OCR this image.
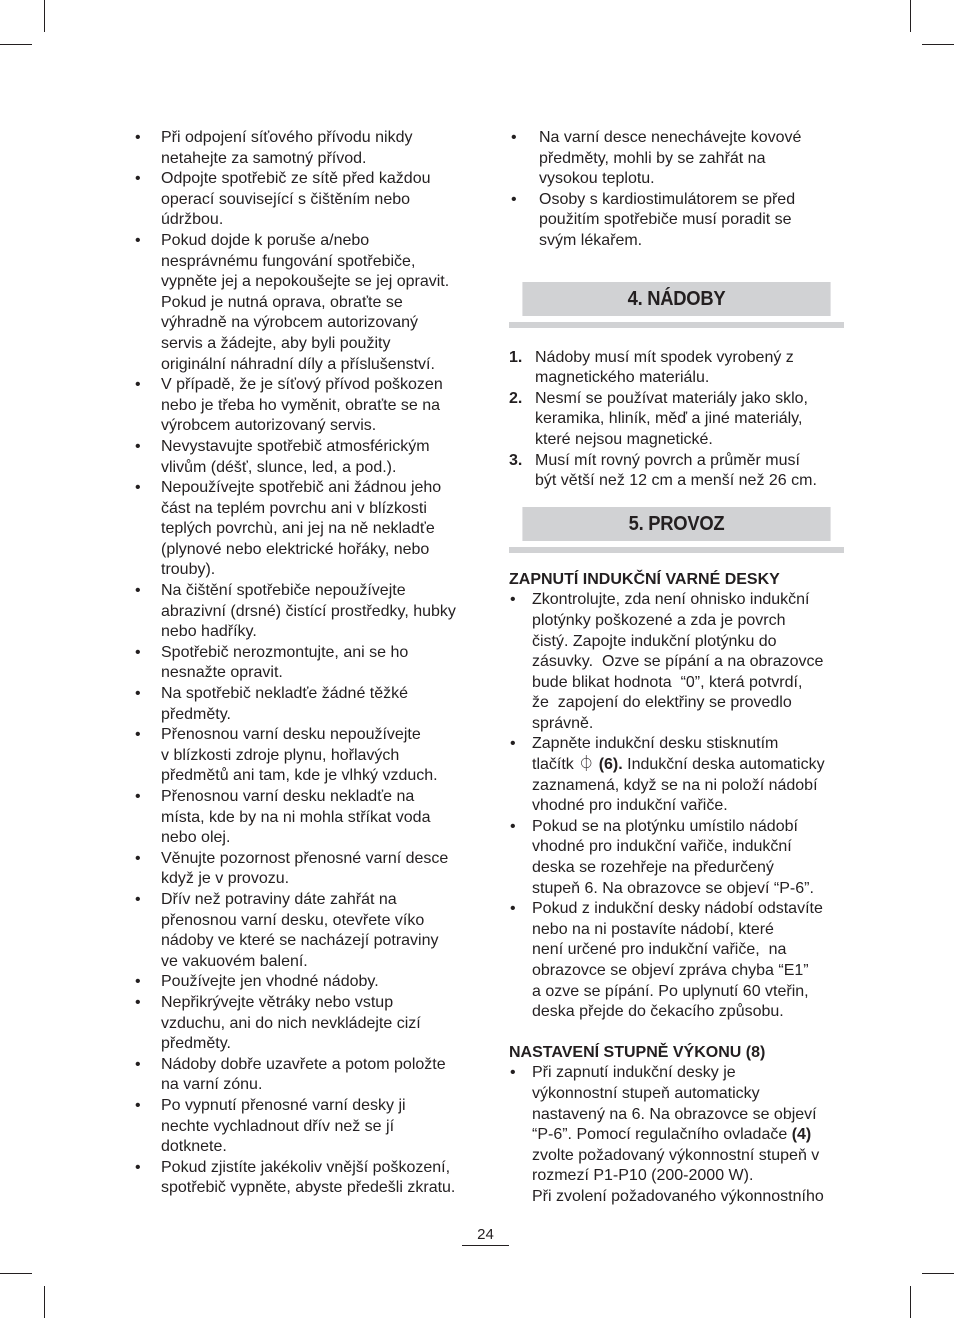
• Při odpojení síťového přívodu nikdy
netahejte za samotný přívod.
• Odpojte spotřebič ze sítě před každou
operací související s čištěním nebo
údržbou.
• Pokud dojde k poruše a/nebo
nesprávnému fungování spotřebiče,
vypněte jej a nepokoušejte se jej opravit.
Pokud je nutná oprava, obraťte se
výhradně na výrobcem autorizovaný
servis a žádejte, aby byli použity
originální náhradní díly a příslušenství.
• V případě, že je síťový přívod poškozen
nebo je třeba ho vyměnit, obraťte se na
výrobcem autorizovaný servis.
• Nevystavujte spotřebič atmosférickým
vlivům (déšť, slunce, led, a pod.).
• Nepoužívejte spotřebič ani žádnou jeho
část na teplém povrchu ani v blízkosti
teplých povrchù, ani jej na ně nekladťe
(plynové nebo elektrické hořáky, nebo
trouby).
• Na čištění spotřebiče nepoužívejte
abrazivní (drsné) čistící prostředky, hubky
nebo hadříky.
• Spotřebič nerozmontujte, ani se ho
nesnažte opravit.
• Na spotřebič nekladťe žádné těžké
předměty.
• Přenosnou varní desku nepoužívejte
v blízkosti zdroje plynu, hořlavých
předmětů ani tam, kde je vlhký vzduch.
• Přenosnou varní desku nekladťe na
místa, kde by na ni mohla stříkat voda
nebo olej.
• Věnujte pozornost přenosné varní desce
když je v provozu.
• Dřív než potraviny dáte zahřát na
přenosnou varní desku, otevřete víko
nádoby ve které se nacházejí potraviny
ve vakuovém balení.
• Používejte jen vhodné nádoby.
• Nepřikrývejte větráky nebo vstup
vzduchu, ani do nich nevkládejte cizí
předměty.
• Nádoby dobře uzavřete a potom položte
na varní zónu.
• Po vypnutí přenosné varní desky ji
nechte vychladnout dřív než se jí
dotknete.
• Pokud zjistíte jakékoliv vnější poškození,
spotřebič vypněte, abyste předešli zkratu.
• Na varní desce nenechávejte kovové
předměty, mohli by se zahřát na
vysokou teplotu.
• Osoby s kardiostimulátorem se před
použitím spotřebiče musí poradit se
svým lékařem.
4. NÁDOBY
1. Nádoby musí mít spodek vyrobený z
magnetického materiálu.
2. Nesmí se používat materiály jako sklo,
keramika, hliník, měď a jiné materiály,
které nejsou magnetické.
3. Musí mít rovný povrch a průměr musí
být větší než 12 cm a menší než 26 cm.
5. PROVOZ
ZAPNUTÍ INDUKČNÍ VARNÉ DESKY
• Zkontrolujte, zda není ohnisko indukční
plotýnky poškozené a zda je povrch
čistý. Zapojte indukční plotýnku do
zásuvky.  Ozve se pípání a na obrazovce
bude blikat hodnota  “0”, která potvrdí,
že  zapojení do elektřiny se provedlo
správně.
• Zapněte indukční desku stisknutím
tlačítk ⏀ (6). Indukční deska automaticky
zaznamená, když se na ni položí nádobí
vhodné pro indukční vařiče.
• Pokud se na plotýnku umístilo nádobí
vhodné pro indukční vařiče, indukční
deska se rozehřeje na předurčený
stupeň 6. Na obrazovce se objeví “P-6”.
• Pokud z indukční desky nádobí odstavíte
nebo na ni postavíte nádobí, které
není určené pro indukční vařiče,  na
obrazovce se objeví zpráva chyba “E1”
a ozve se pípání. Po uplynutí 60 vteřin,
deska přejde do čekacího způsobu.
NASTAVENÍ STUPNĚ VÝKONU (8)
• Při zapnutí indukční desky je
výkonnostní stupeň automaticky
nastavený na 6. Na obrazovce se objeví
“P-6”. Pomocí regulačního ovladače (4)
zvolte požadovaný výkonnostní stupeň v
rozmezí P1-P10 (200-2000 W).
Při zvolení požadovaného výkonnostního
24
